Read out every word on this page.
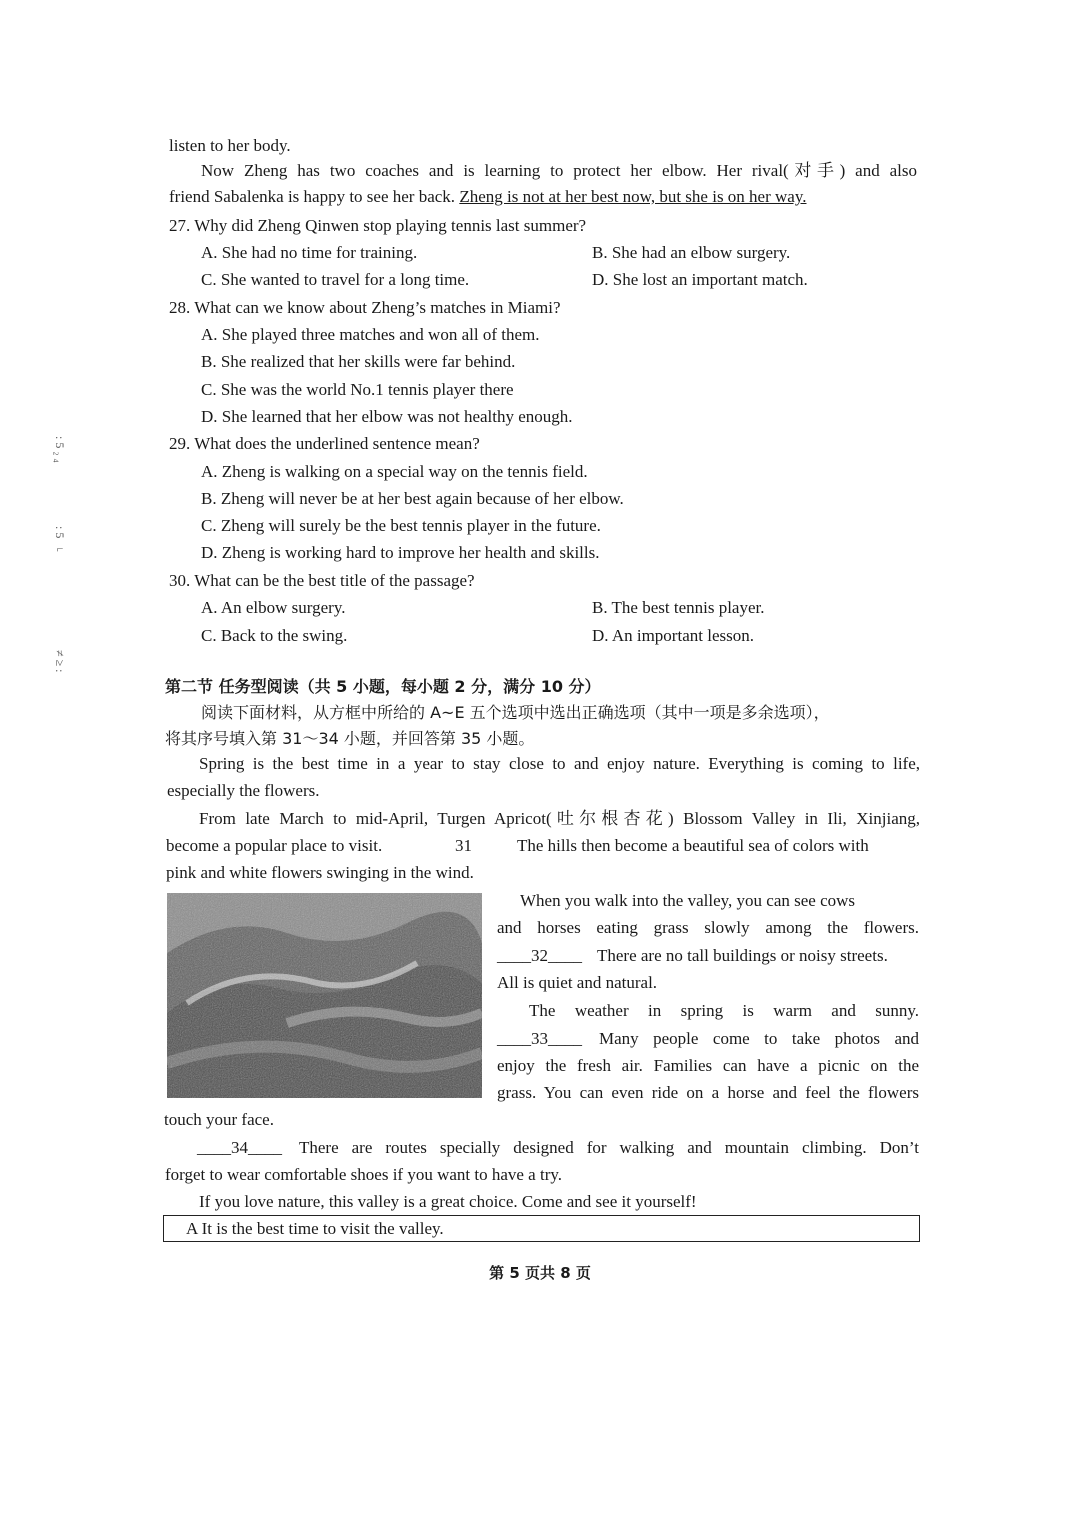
: 5 ₂ ₄
: 5 ⌐
≠ ≥ :
listen to her body.
Now Zheng has two coaches and is learning to protect her elbow. Her rival(对手) and also
friend Sabalenka is happy to see her back. Zheng is not at her best now, but she is on her way.
27. Why did Zheng Qinwen stop playing tennis last summer?
A. She had no time for training.	B. She had an elbow surgery.
C. She wanted to travel for a long time.	D. She lost an important match.
28. What can we know about Zheng’s matches in Miami?
A. She played three matches and won all of them.
B. She realized that her skills were far behind.
C. She was the world No.1 tennis player there
D. She learned that her elbow was not healthy enough.
29. What does the underlined sentence mean?
A. Zheng is walking on a special way on the tennis field.
B. Zheng will never be at her best again because of her elbow.
C. Zheng will surely be the best tennis player in the future.
D. Zheng is working hard to improve her health and skills.
30. What can be the best title of the passage?
A. An elbow surgery.	B. The best tennis player.
C. Back to the swing.	D. An important lesson.
第二节 任务型阅读（共 5 小题，每小题 2 分，满分 10 分）
阅读下面材料，从方框中所给的 A~E 五个选项中选出正确选项（其中一项是多余选项），
将其序号填入第 31～34 小题，并回答第 35 小题。
Spring is the best time in a year to stay close to and enjoy nature. Everything is coming to life,
especially the flowers.
From late March to mid-April, Turgen Apricot(吐尔根杏花) Blossom Valley in Ili, Xinjiang,
become a popular place to visit.	31	The hills then become a beautiful sea of colors with
pink and white flowers swinging in the wind.
When you walk into the valley, you can see cows
and horses eating grass slowly among the flowers.
____32____ There are no tall buildings or noisy streets.
All is quiet and natural.
The weather in spring is warm and sunny.
____33____ Many people come to take photos and
enjoy the fresh air. Families can have a picnic on the
grass. You can even ride on a horse and feel the flowers
touch your face.
____34____ There are routes specially designed for walking and mountain climbing. Don’t
forget to wear comfortable shoes if you want to have a try.
If you love nature, this valley is a great choice. Come and see it yourself!
A It is the best time to visit the valley.
第 5 页共 8 页
